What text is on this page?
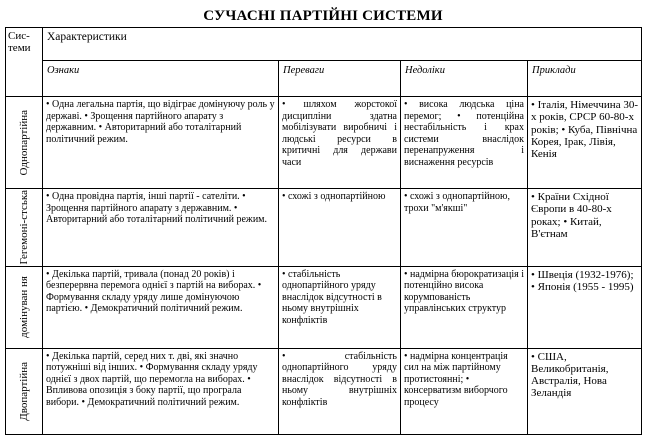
СУЧАСНІ ПАРТІЙНІ СИСТЕМИ
Сис-теми	Характеристики			
	Ознаки	Переваги	Недоліки	Приклади

Однопартійна	• Одна легальна партія, що відіграє домінуючу роль у державі. • Зрощення партійного апарату з державним. • Авторитарний або тоталітарний політичний режим.	• шляхом жорстокої дисципліни здатна мобілізувати виробничі і людські ресурси в критичні для держави часи	• висока людська ціна перемог; • потенційна нестабільність і крах системи внаслідок перенапруження і виснаження ресурсів	• Італія, Німеччина 30-х років, СРСР 60-80-х років; • Куба, Північна Корея, Ірак, Лівія, Кенія

Гегемоні-стська	• Одна провідна партія, інші партії - сателіти. • Зрощення партійного апарату з державним. • Авторитарний або тоталітарний політичний режим.	• схожі з однопартійною	• схожі з однопартійною, трохи "м'якші"	• Країни Східної Європи в 40-80-х роках; • Китай, В'єтнам

домінуван ня	• Декілька партій, тривала (понад 20 років) і безперервна перемога однієї з партій на виборах. • Формування складу уряду лише домінуючою партією. • Демократичний політичний режим.	• стабільність однопартійного уряду внаслідок відсутності в ньому внутрішніх конфліктів	• надмірна бюрократизація і потенційно висока корумпованість управлінських структур	• Швеція (1932-1976); • Японія (1955 - 1995)

Двопартійна	• Декілька партій, серед них т. дві, які значно потужніші від інших. • Формування складу уряду однієї з двох партій, що перемогла на виборах. • Впливова опозиція з боку партії, що програла вибори. • Демократичний політичний режим.	• стабільність однопартійного уряду внаслідок відсутності в ньому внутрішніх конфліктів	• надмірна концентрація сил на між партійному протистоянні; • консерватизм виборчого процесу	• США, Великобританія, Австралія, Нова Зеландія
